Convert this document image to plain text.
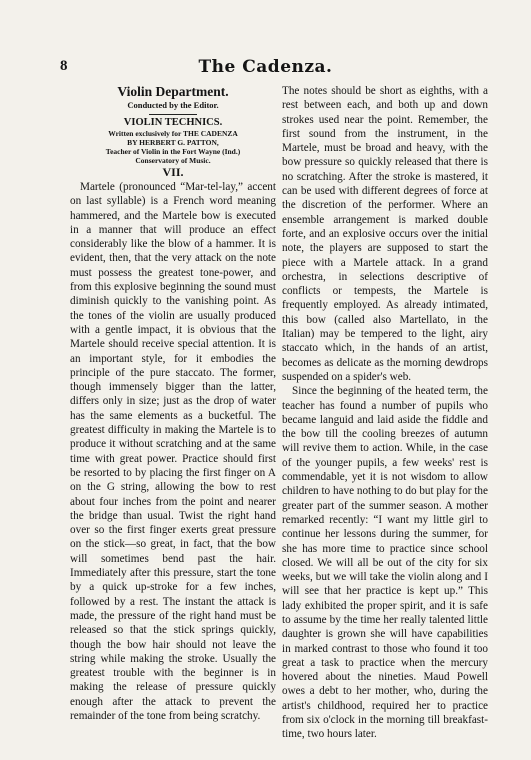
8	The Cadenza.
Violin Department.
Conducted by the Editor.
VIOLIN TECHNICS.
Written exclusively for THE CADENZA
BY HERBERT G. PATTON,
Teacher of Violin in the Fort Wayne (Ind.)
Conservatory of Music.
VII.

Martele (pronounced “Mar-tel-lay,” accent on last syllable) is a French word meaning hammered, and the Martele bow is executed in a manner that will produce an effect considerably like the blow of a hammer. It is evident, then, that the very attack on the note must possess the greatest tone-power, and from this explosive beginning the sound must diminish quickly to the vanishing point. As the tones of the violin are usually produced with a gentle impact, it is obvious that the Martele should receive special attention. It is an important style, for it embodies the principle of the pure staccato. The former, though immensely bigger than the latter, differs only in size; just as the drop of water has the same elements as a bucketful. The greatest difficulty in making the Martele is to produce it without scratching and at the same time with great power. Practice should first be resorted to by placing the first finger on A on the G string, allowing the bow to rest about four inches from the point and nearer the bridge than usual. Twist the right hand over so the first finger exerts great pressure on the stick—so great, in fact, that the bow will sometimes bend past the hair. Immediately after this pressure, start the tone by a quick up-stroke for a few inches, followed by a rest. The instant the attack is made, the pressure of the right hand must be released so that the stick springs quickly, though the bow hair should not leave the string while making the stroke. Usually the greatest trouble with the beginner is in making the release of pressure quickly enough after the attack to prevent the remainder of the tone from being scratchy.

The notes should be short as eighths, with a rest between each, and both up and down strokes used near the point. Remember, the first sound from the instrument, in the Martele, must be broad and heavy, with the bow pressure so quickly released that there is no scratching. After the stroke is mastered, it can be used with different degrees of force at the discretion of the performer. Where an ensemble arrangement is marked double forte, and an explosive occurs over the initial note, the players are supposed to start the piece with a Martele attack. In a grand orchestra, in selections descriptive of conflicts or tempests, the Martele is frequently employed. As already intimated, this bow (called also Martellato, in the Italian) may be tempered to the light, airy staccato which, in the hands of an artist, becomes as delicate as the morning dewdrops suspended on a spider's web.

Since the beginning of the heated term, the teacher has found a number of pupils who became languid and laid aside the fiddle and the bow till the cooling breezes of autumn will revive them to action. While, in the case of the younger pupils, a few weeks' rest is commendable, yet it is not wisdom to allow children to have nothing to do but play for the greater part of the summer season. A mother remarked recently: “I want my little girl to continue her lessons during the summer, for she has more time to practice since school closed. We will all be out of the city for six weeks, but we will take the violin along and I will see that her practice is kept up.” This lady exhibited the proper spirit, and it is safe to assume by the time her really talented little daughter is grown she will have capabilities in marked contrast to those who found it too great a task to practice when the mercury hovered about the nineties. Maud Powell owes a debt to her mother, who, during the artist's childhood, required her to practice from six o'clock in the morning till breakfast-time, two hours later.
